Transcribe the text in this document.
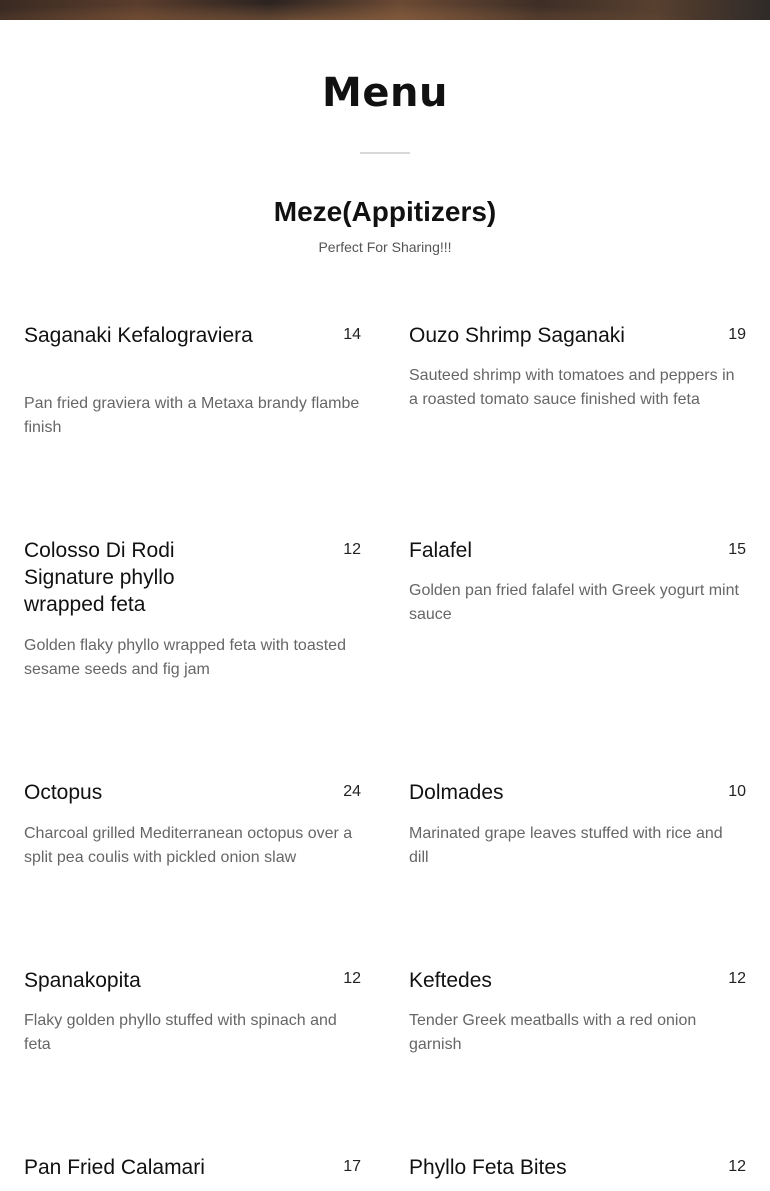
Menu
Meze(Appitizers)

Perfect For Sharing!!!

Saganaki Kefalograviera	14
Pan fried graviera with a Metaxa brandy flambe finish
Ouzo Shrimp Saganaki	19
Sauteed shrimp with tomatoes and peppers in a roasted tomato sauce finished with feta
Colosso Di Rodi Signature phyllo wrapped feta
12
Golden flaky phyllo wrapped feta with toasted sesame seeds and fig jam
Falafel	15
Golden pan fried falafel with Greek yogurt mint sauce
Octopus	24
Charcoal grilled Mediterranean octopus over a split pea coulis with pickled onion slaw
Dolmades	10
Marinated grape leaves stuffed with rice and dill
Spanakopita	12
Flaky golden phyllo stuffed with spinach and feta
Keftedes	12
Tender Greek meatballs with a red onion garnish
Pan Fried Calamari	17 Phyllo Feta Bites	12
